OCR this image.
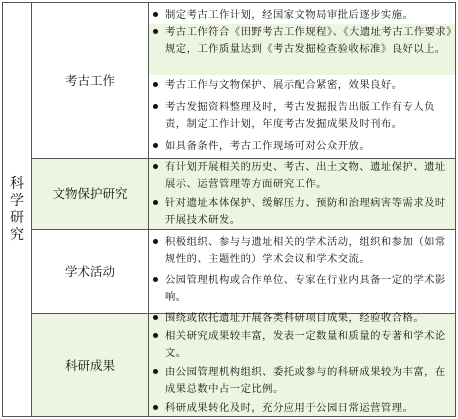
科
学
研
究
考古工作
制定考古工作计划，经国家文物局审批后逐步实施。
考古工作符合《田野考古工作规程》、《大遗址考古工作要求》规定，工作质量达到《考古发掘检查验收标准》良好以上。
考古工作与文物保护、展示配合紧密，效果良好。
考古发掘资料整理及时，考古发掘报告出版工作有专人负责，制定工作计划，年度考古发掘成果及时刊布。
如具备条件，考古工作现场可对公众开放。
文物保护研究
有计划开展相关的历史、考古、出土文物、遗址保护、遗址展示、运营管理等方面研究工作。
针对遗址本体保护、缓解压力、预防和治理病害等需求及时开展技术研发。
学术活动
积极组织、参与与遗址相关的学术活动，组织和参加（如常规性的、主题性的）学术会议和学术交流。
公园管理机构或合作单位、专家在行业内具备一定的学术影响。
科研成果
围绕或依托遗址开展各类科研项目成果，经验收合格。
相关研究成果较丰富，发表一定数量和质量的专著和学术论文。
由公园管理机构组织、委托或参与的科研成果较为丰富，在成果总数中占一定比例。
科研成果转化及时，充分应用于公园日常运营管理。
